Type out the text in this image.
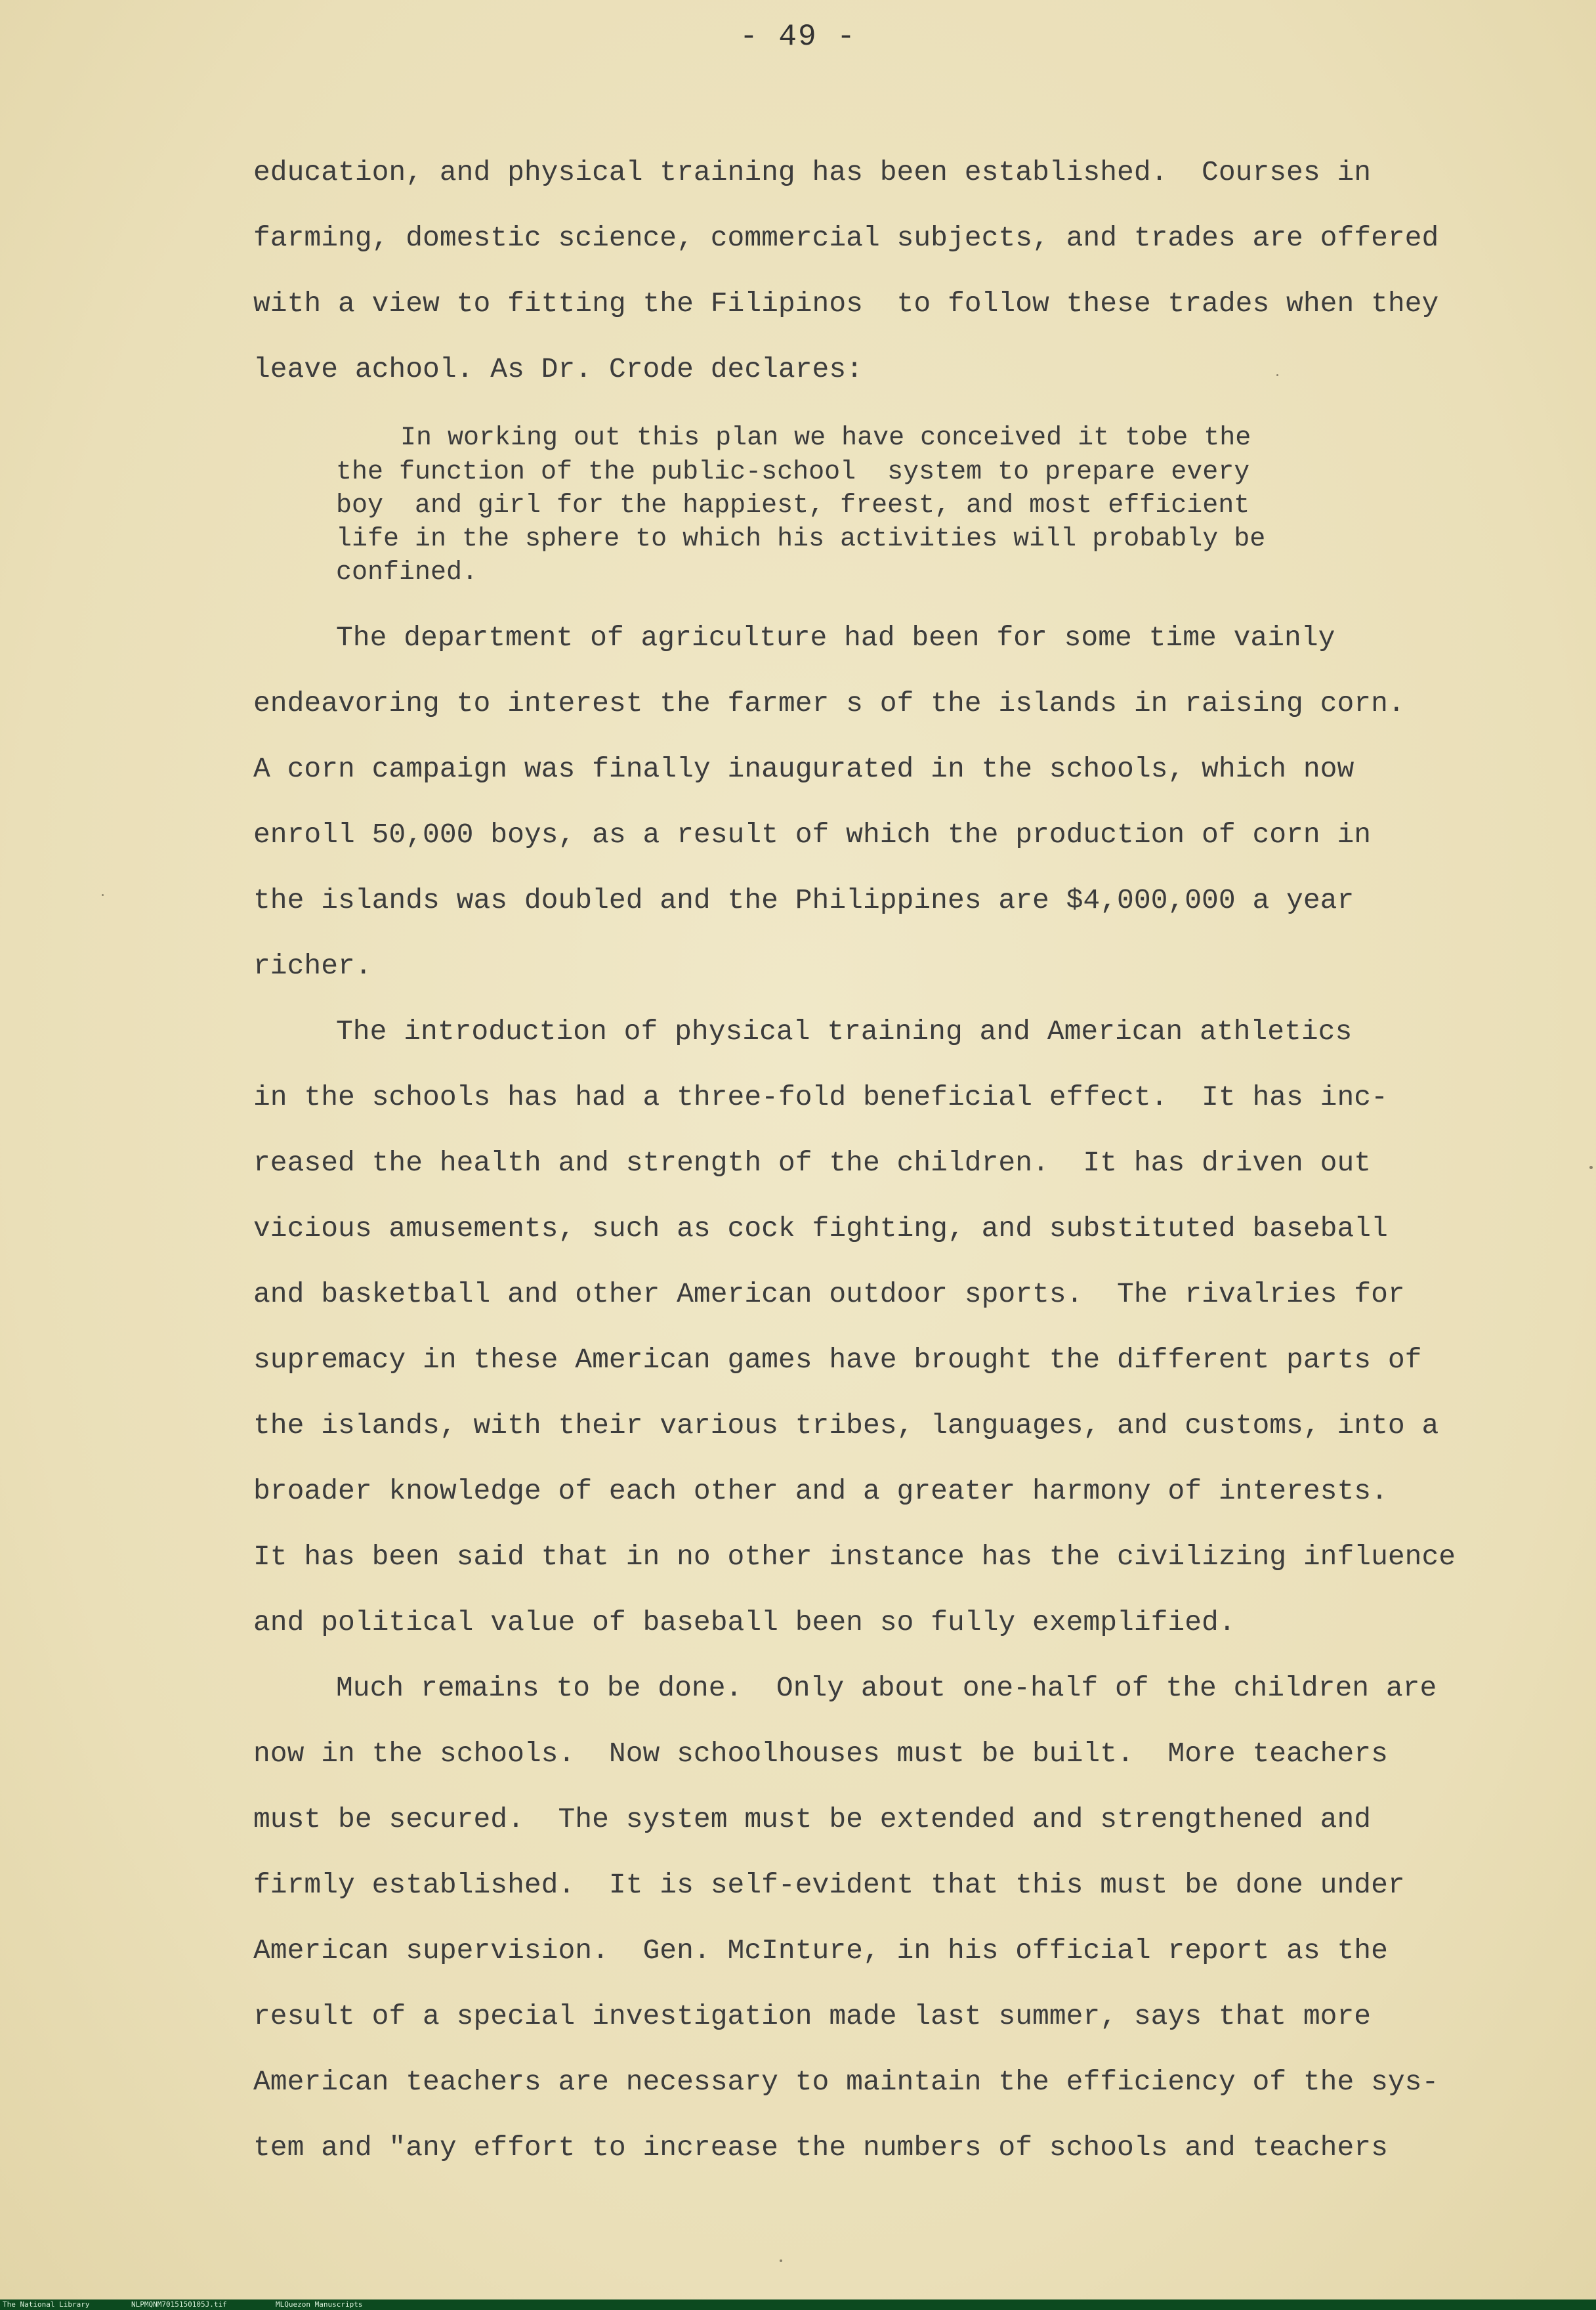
- 49 -
education, and physical training has been established.  Courses in
farming, domestic science, commercial subjects, and trades are offered
with a view to fitting the Filipinos  to follow these trades when they
leave achool. As Dr. Crode declares:
In working out this plan we have conceived it tobe the
the function of the public-school  system to prepare every
boy  and girl for the happiest, freest, and most efficient
life in the sphere to which his activities will probably be
confined.
The department of agriculture had been for some time vainly
endeavoring to interest the farmer s of the islands in raising corn.
A corn campaign was finally inaugurated in the schools, which now
enroll 50,000 boys, as a result of which the production of corn in
the islands was doubled and the Philippines are $4,000,000 a year
richer.
The introduction of physical training and American athletics
in the schools has had a three-fold beneficial effect.  It has inc-
reased the health and strength of the children.  It has driven out
vicious amusements, such as cock fighting, and substituted baseball
and basketball and other American outdoor sports.  The rivalries for
supremacy in these American games have brought the different parts of
the islands, with their various tribes, languages, and customs, into a
broader knowledge of each other and a greater harmony of interests.
It has been said that in no other instance has the civilizing influence
and political value of baseball been so fully exemplified.
Much remains to be done.  Only about one-half of the children are
now in the schools.  Now schoolhouses must be built.  More teachers
must be secured.  The system must be extended and strengthened and
firmly established.  It is self-evident that this must be done under
American supervision.  Gen. McInture, in his official report as the
result of a special investigation made last summer, says that more
American teachers are necessary to maintain the efficiency of the sys-
tem and "any effort to increase the numbers of schools and teachers
The National Library	NLPMQNM7015150105J.tif	MLQuezon Manuscripts
